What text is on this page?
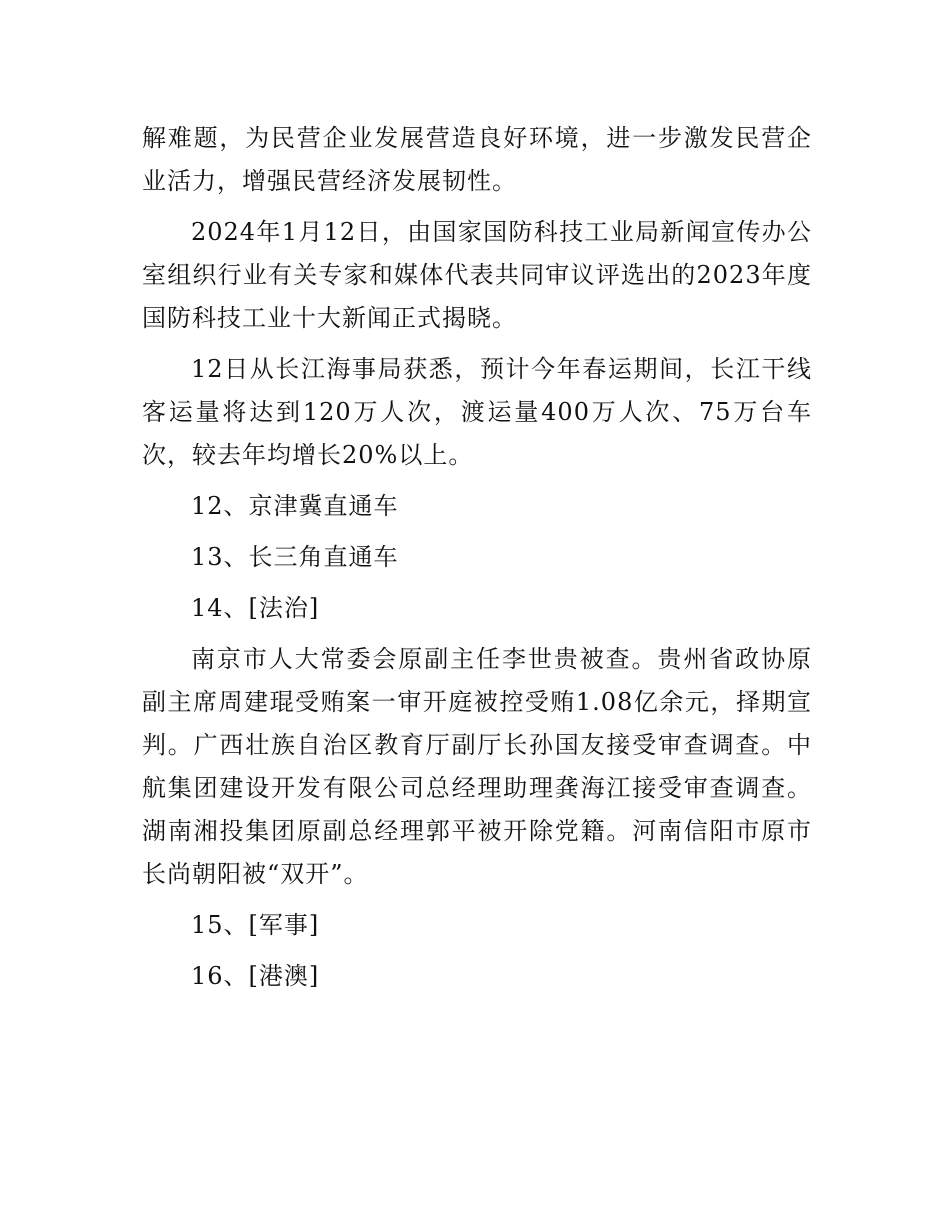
解难题，为民营企业发展营造良好环境，进一步激发民营企业活力，增强民营经济发展韧性。

2024年1月12日，由国家国防科技工业局新闻宣传办公室组织行业有关专家和媒体代表共同审议评选出的2023年度国防科技工业十大新闻正式揭晓。

12日从长江海事局获悉，预计今年春运期间，长江干线客运量将达到120万人次，渡运量400万人次、75万台车次，较去年均增长20%以上。

12、京津冀直通车

13、长三角直通车

14、[法治]

南京市人大常委会原副主任李世贵被查。贵州省政协原副主席周建琨受贿案一审开庭被控受贿1.08亿余元，择期宣判。广西壮族自治区教育厅副厅长孙国友接受审查调查。中航集团建设开发有限公司总经理助理龚海江接受审查调查。湖南湘投集团原副总经理郭平被开除党籍。河南信阳市原市长尚朝阳被“双开”。

15、[军事]

16、[港澳]
